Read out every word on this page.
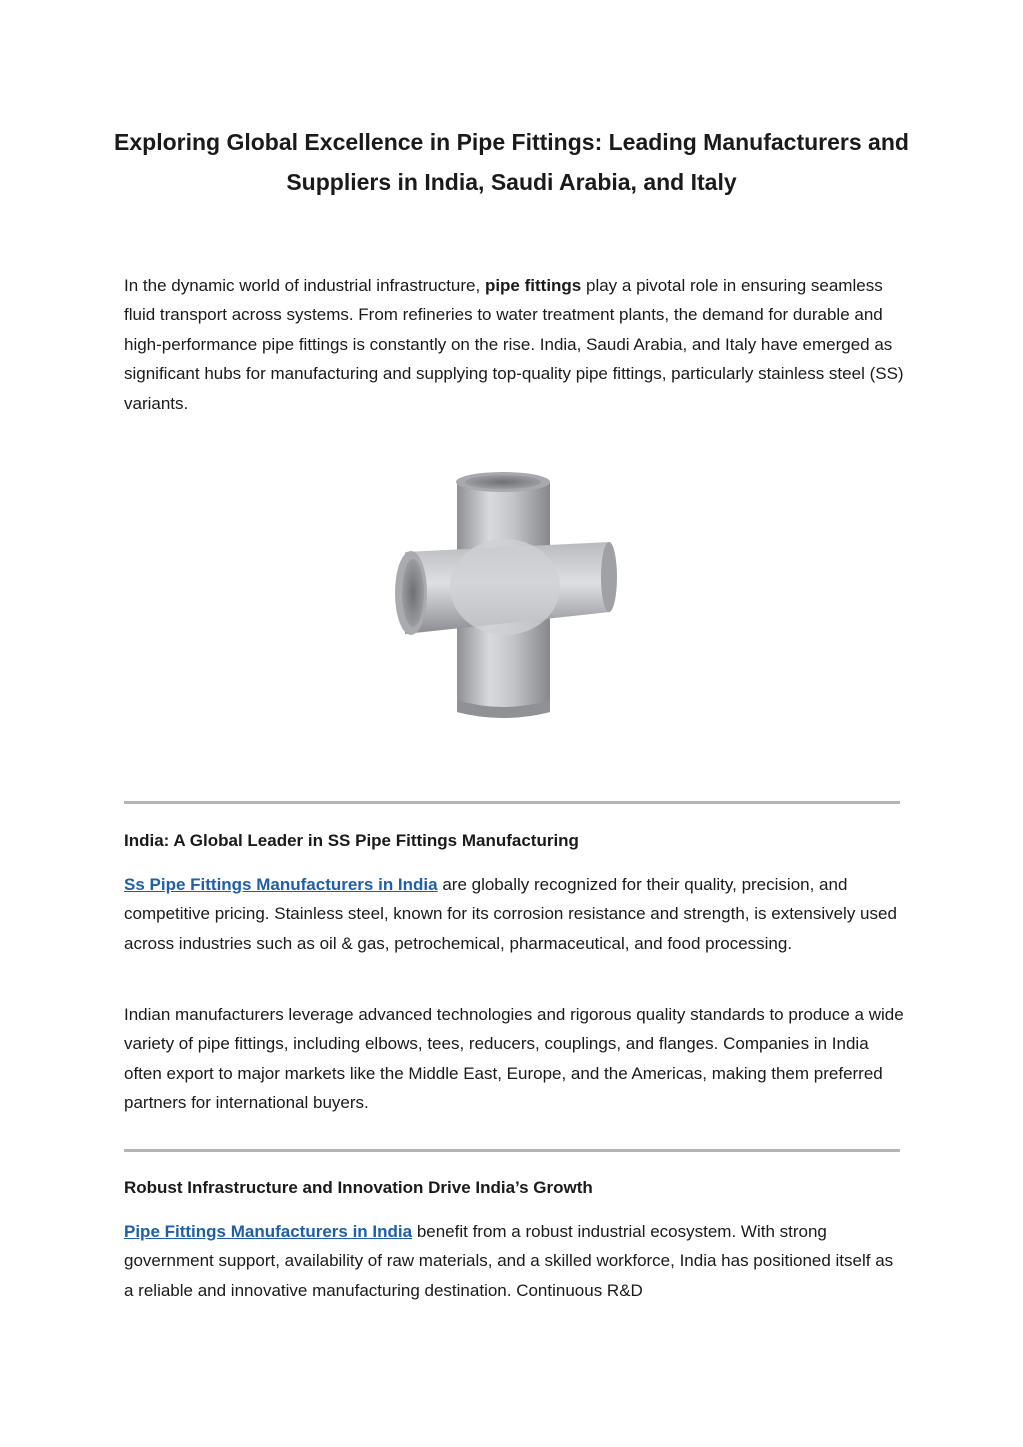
Exploring Global Excellence in Pipe Fittings: Leading Manufacturers and Suppliers in India, Saudi Arabia, and Italy

In the dynamic world of industrial infrastructure, pipe fittings play a pivotal role in ensuring seamless fluid transport across systems. From refineries to water treatment plants, the demand for durable and high-performance pipe fittings is constantly on the rise. India, Saudi Arabia, and Italy have emerged as significant hubs for manufacturing and supplying top-quality pipe fittings, particularly stainless steel (SS) variants.

India: A Global Leader in SS Pipe Fittings Manufacturing

Ss Pipe Fittings Manufacturers in India are globally recognized for their quality, precision, and competitive pricing. Stainless steel, known for its corrosion resistance and strength, is extensively used across industries such as oil & gas, petrochemical, pharmaceutical, and food processing.

Indian manufacturers leverage advanced technologies and rigorous quality standards to produce a wide variety of pipe fittings, including elbows, tees, reducers, couplings, and flanges. Companies in India often export to major markets like the Middle East, Europe, and the Americas, making them preferred partners for international buyers.

Robust Infrastructure and Innovation Drive India’s Growth

Pipe Fittings Manufacturers in India benefit from a robust industrial ecosystem. With strong government support, availability of raw materials, and a skilled workforce, India has positioned itself as a reliable and innovative manufacturing destination. Continuous R&D
